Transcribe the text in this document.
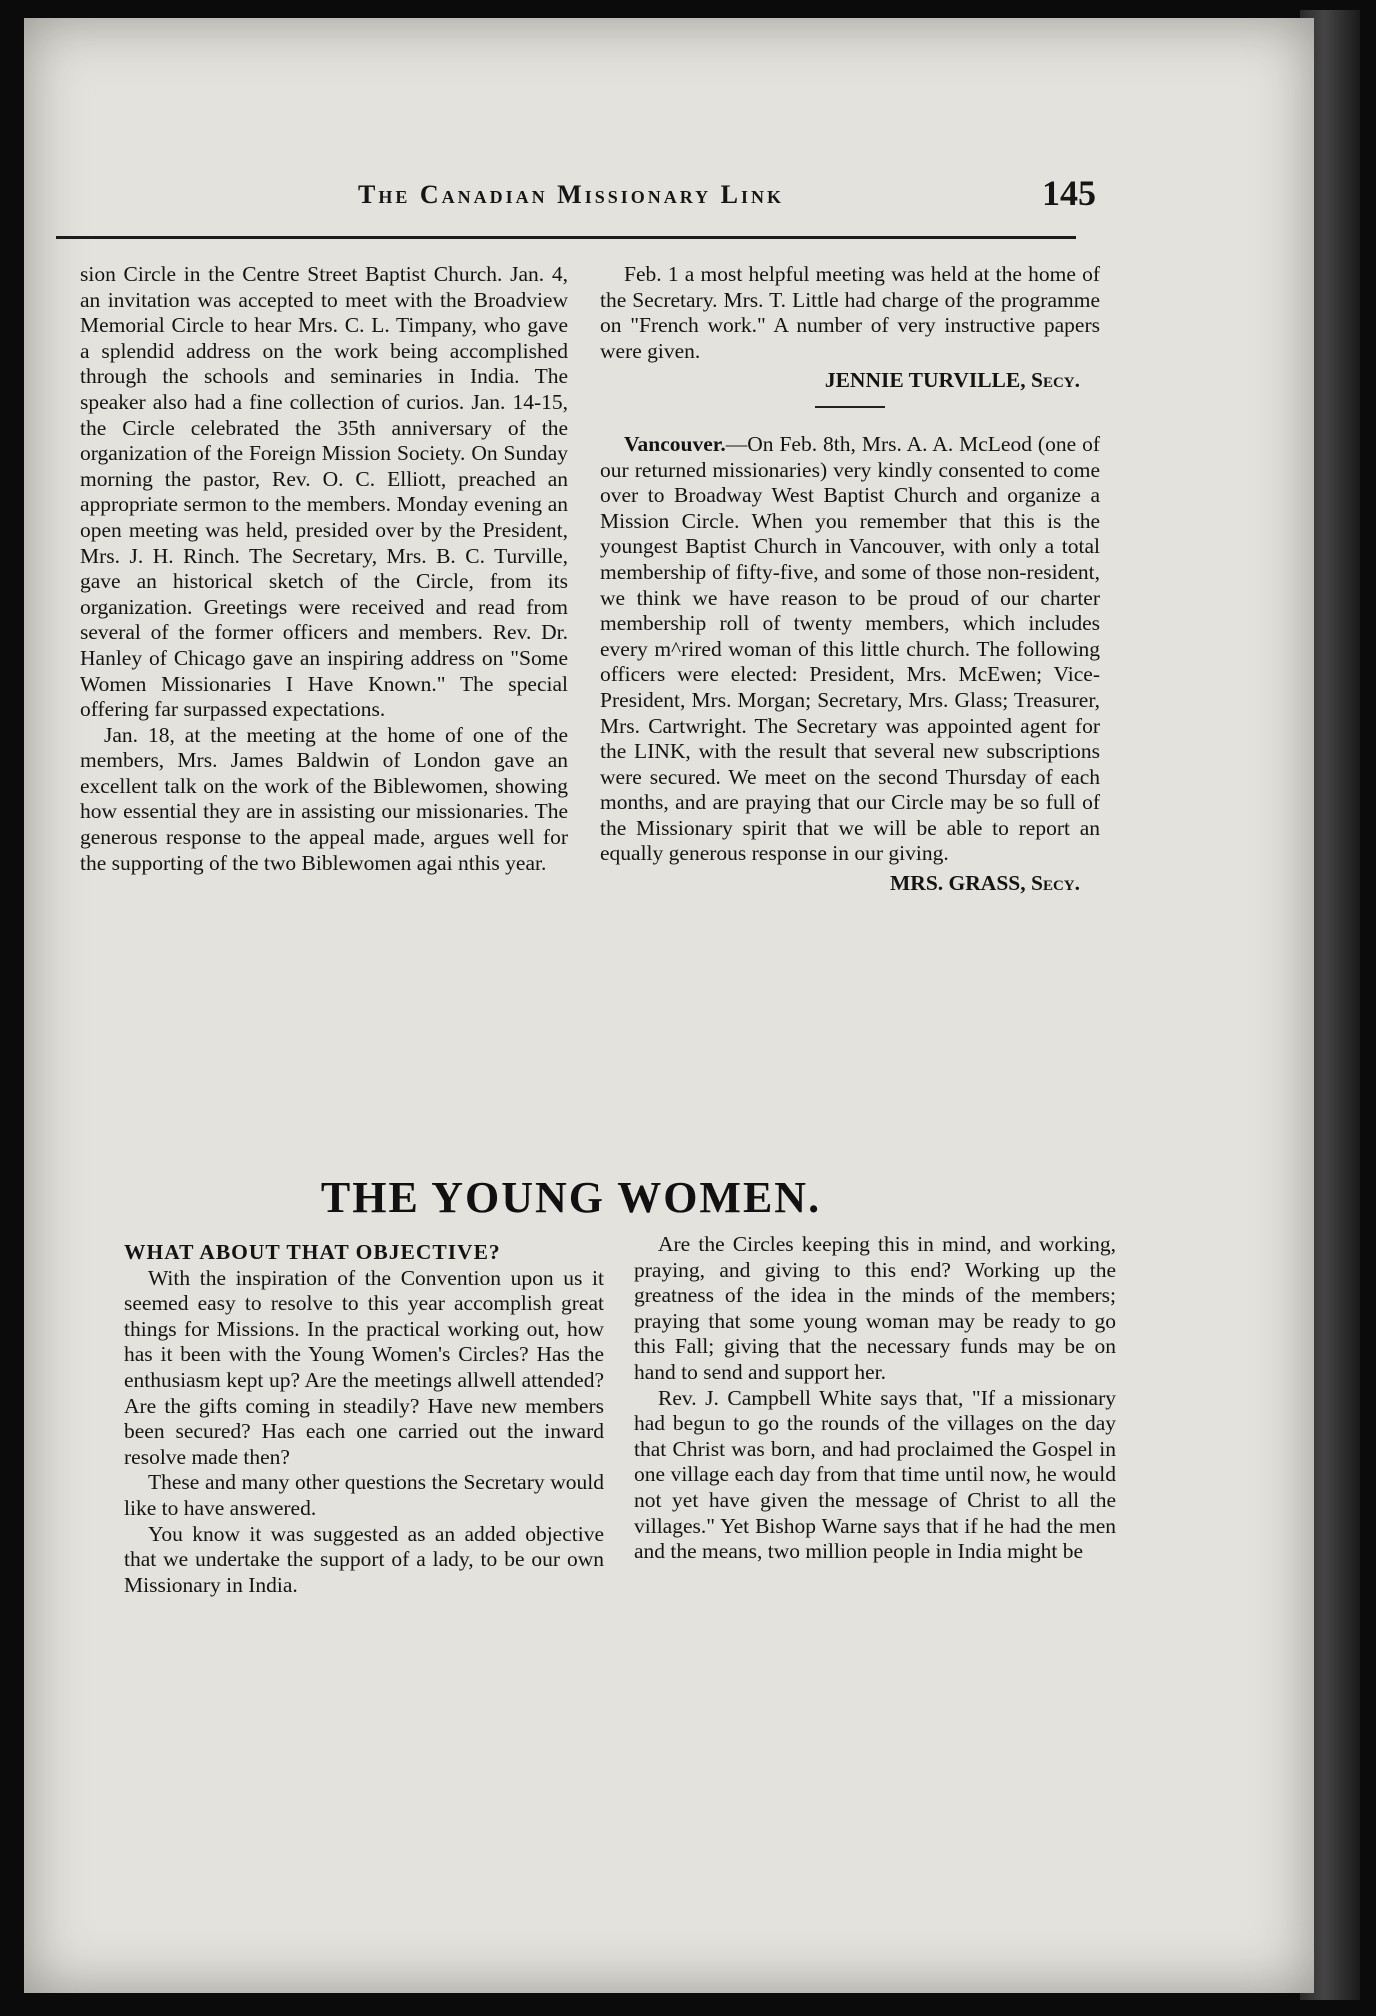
The Canadian Missionary Link	145

sion Circle in the Centre Street Baptist Church. Jan. 4, an invitation was accepted to meet with the Broadview Memorial Circle to hear Mrs. C. L. Timpany, who gave a splendid address on the work being accomplished through the schools and seminaries in India. The speaker also had a fine collection of curios. Jan. 14-15, the Circle celebrated the 35th anniversary of the organization of the Foreign Mission Society. On Sunday morning the pastor, Rev. O. C. Elliott, preached an appropriate sermon to the members. Monday evening an open meeting was held, presided over by the President, Mrs. J. H. Rinch. The Secretary, Mrs. B. C. Turville, gave an historical sketch of the Circle, from its organization. Greetings were received and read from several of the former officers and members. Rev. Dr. Hanley of Chicago gave an inspiring address on "Some Women Missionaries I Have Known." The special offering far surpassed expectations.

Jan. 18, at the meeting at the home of one of the members, Mrs. James Baldwin of London gave an excellent talk on the work of the Biblewomen, showing how essential they are in assisting our missionaries. The generous response to the appeal made, argues well for the supporting of the two Biblewomen agai nthis year.

Feb. 1 a most helpful meeting was held at the home of the Secretary. Mrs. T. Little had charge of the programme on "French work." A number of very instructive papers were given.

JENNIE TURVILLE, Secy.

Vancouver.—On Feb. 8th, Mrs. A. A. McLeod (one of our returned missionaries) very kindly consented to come over to Broadway West Baptist Church and organize a Mission Circle. When you remember that this is the youngest Baptist Church in Vancouver, with only a total membership of fifty-five, and some of those non-resident, we think we have reason to be proud of our charter membership roll of twenty members, which includes every m^rired woman of this little church. The following officers were elected: President, Mrs. McEwen; Vice-President, Mrs. Morgan; Secretary, Mrs. Glass; Treasurer, Mrs. Cartwright. The Secretary was appointed agent for the LINK, with the result that several new subscriptions were secured. We meet on the second Thursday of each months, and are praying that our Circle may be so full of the Missionary spirit that we will be able to report an equally generous response in our giving.

MRS. GRASS, Secy.
THE YOUNG WOMEN.

WHAT ABOUT THAT OBJECTIVE?

With the inspiration of the Convention upon us it seemed easy to resolve to this year accomplish great things for Missions. In the practical working out, how has it been with the Young Women's Circles? Has the enthusiasm kept up? Are the meetings allwell attended? Are the gifts coming in steadily? Have new members been secured? Has each one carried out the inward resolve made then?

These and many other questions the Secretary would like to have answered.

You know it was suggested as an added objective that we undertake the support of a lady, to be our own Missionary in India.

Are the Circles keeping this in mind, and working, praying, and giving to this end? Working up the greatness of the idea in the minds of the members; praying that some young woman may be ready to go this Fall; giving that the necessary funds may be on hand to send and support her.

Rev. J. Campbell White says that, "If a missionary had begun to go the rounds of the villages on the day that Christ was born, and had proclaimed the Gospel in one village each day from that time until now, he would not yet have given the message of Christ to all the villages." Yet Bishop Warne says that if he had the men and the means, two million people in India might be
